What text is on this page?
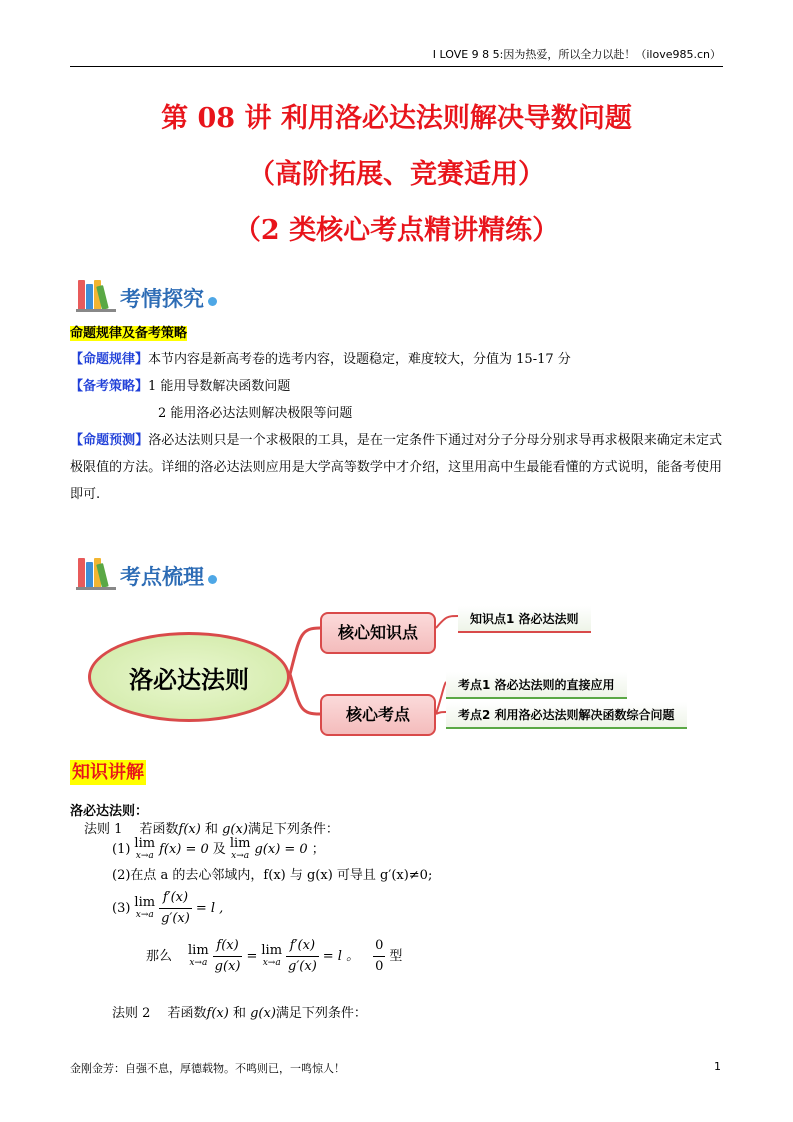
I LOVE 9 8 5:因为热爱，所以全力以赴！（ilove985.cn）
第 08 讲 利用洛必达法则解决导数问题
（高阶拓展、竞赛适用）
（2 类核心考点精讲精练）
考情探究
命题规律及备考策略
【命题规律】本节内容是新高考卷的选考内容，设题稳定，难度较大，分值为 15-17 分
【备考策略】1 能用导数解决函数问题
2 能用洛必达法则解决极限等问题
【命题预测】洛必达法则只是一个求极限的工具，是在一定条件下通过对分子分母分别求导再求极限来确定未定式极限值的方法。详细的洛必达法则应用是大学高等数学中才介绍，这里用高中生最能看懂的方式说明，能备考使用即可.
考点梳理
洛必达法则
核心知识点
知识点1 洛必达法则
核心考点
考点1 洛必达法则的直接应用
考点2 利用洛必达法则解决函数综合问题
知识讲解
洛必达法则：
法则 1　 若函数f(x) 和 g(x)满足下列条件：
(1) lim
x→a f(x) = 0 及 lim
x→a g(x) = 0 ；
(2)在点 a 的去心邻域内，f(x) 与 g(x) 可导且 g′(x)≠0;
(3) lim
$x\to a \frac{f'(x)}{g'(x)} = l$ ,
那么 lim
$x\to a \frac{f(x)}{g(x)} = \lim$
$x\to a \frac{f'(x)}{g'(x)} = l$ 。 $\frac{0}{0}$ 型
法则 2　 若函数f(x) 和 g(x)满足下列条件：
金刚金芳：自强不息，厚德载物。不鸣则已，一鸣惊人！	1
